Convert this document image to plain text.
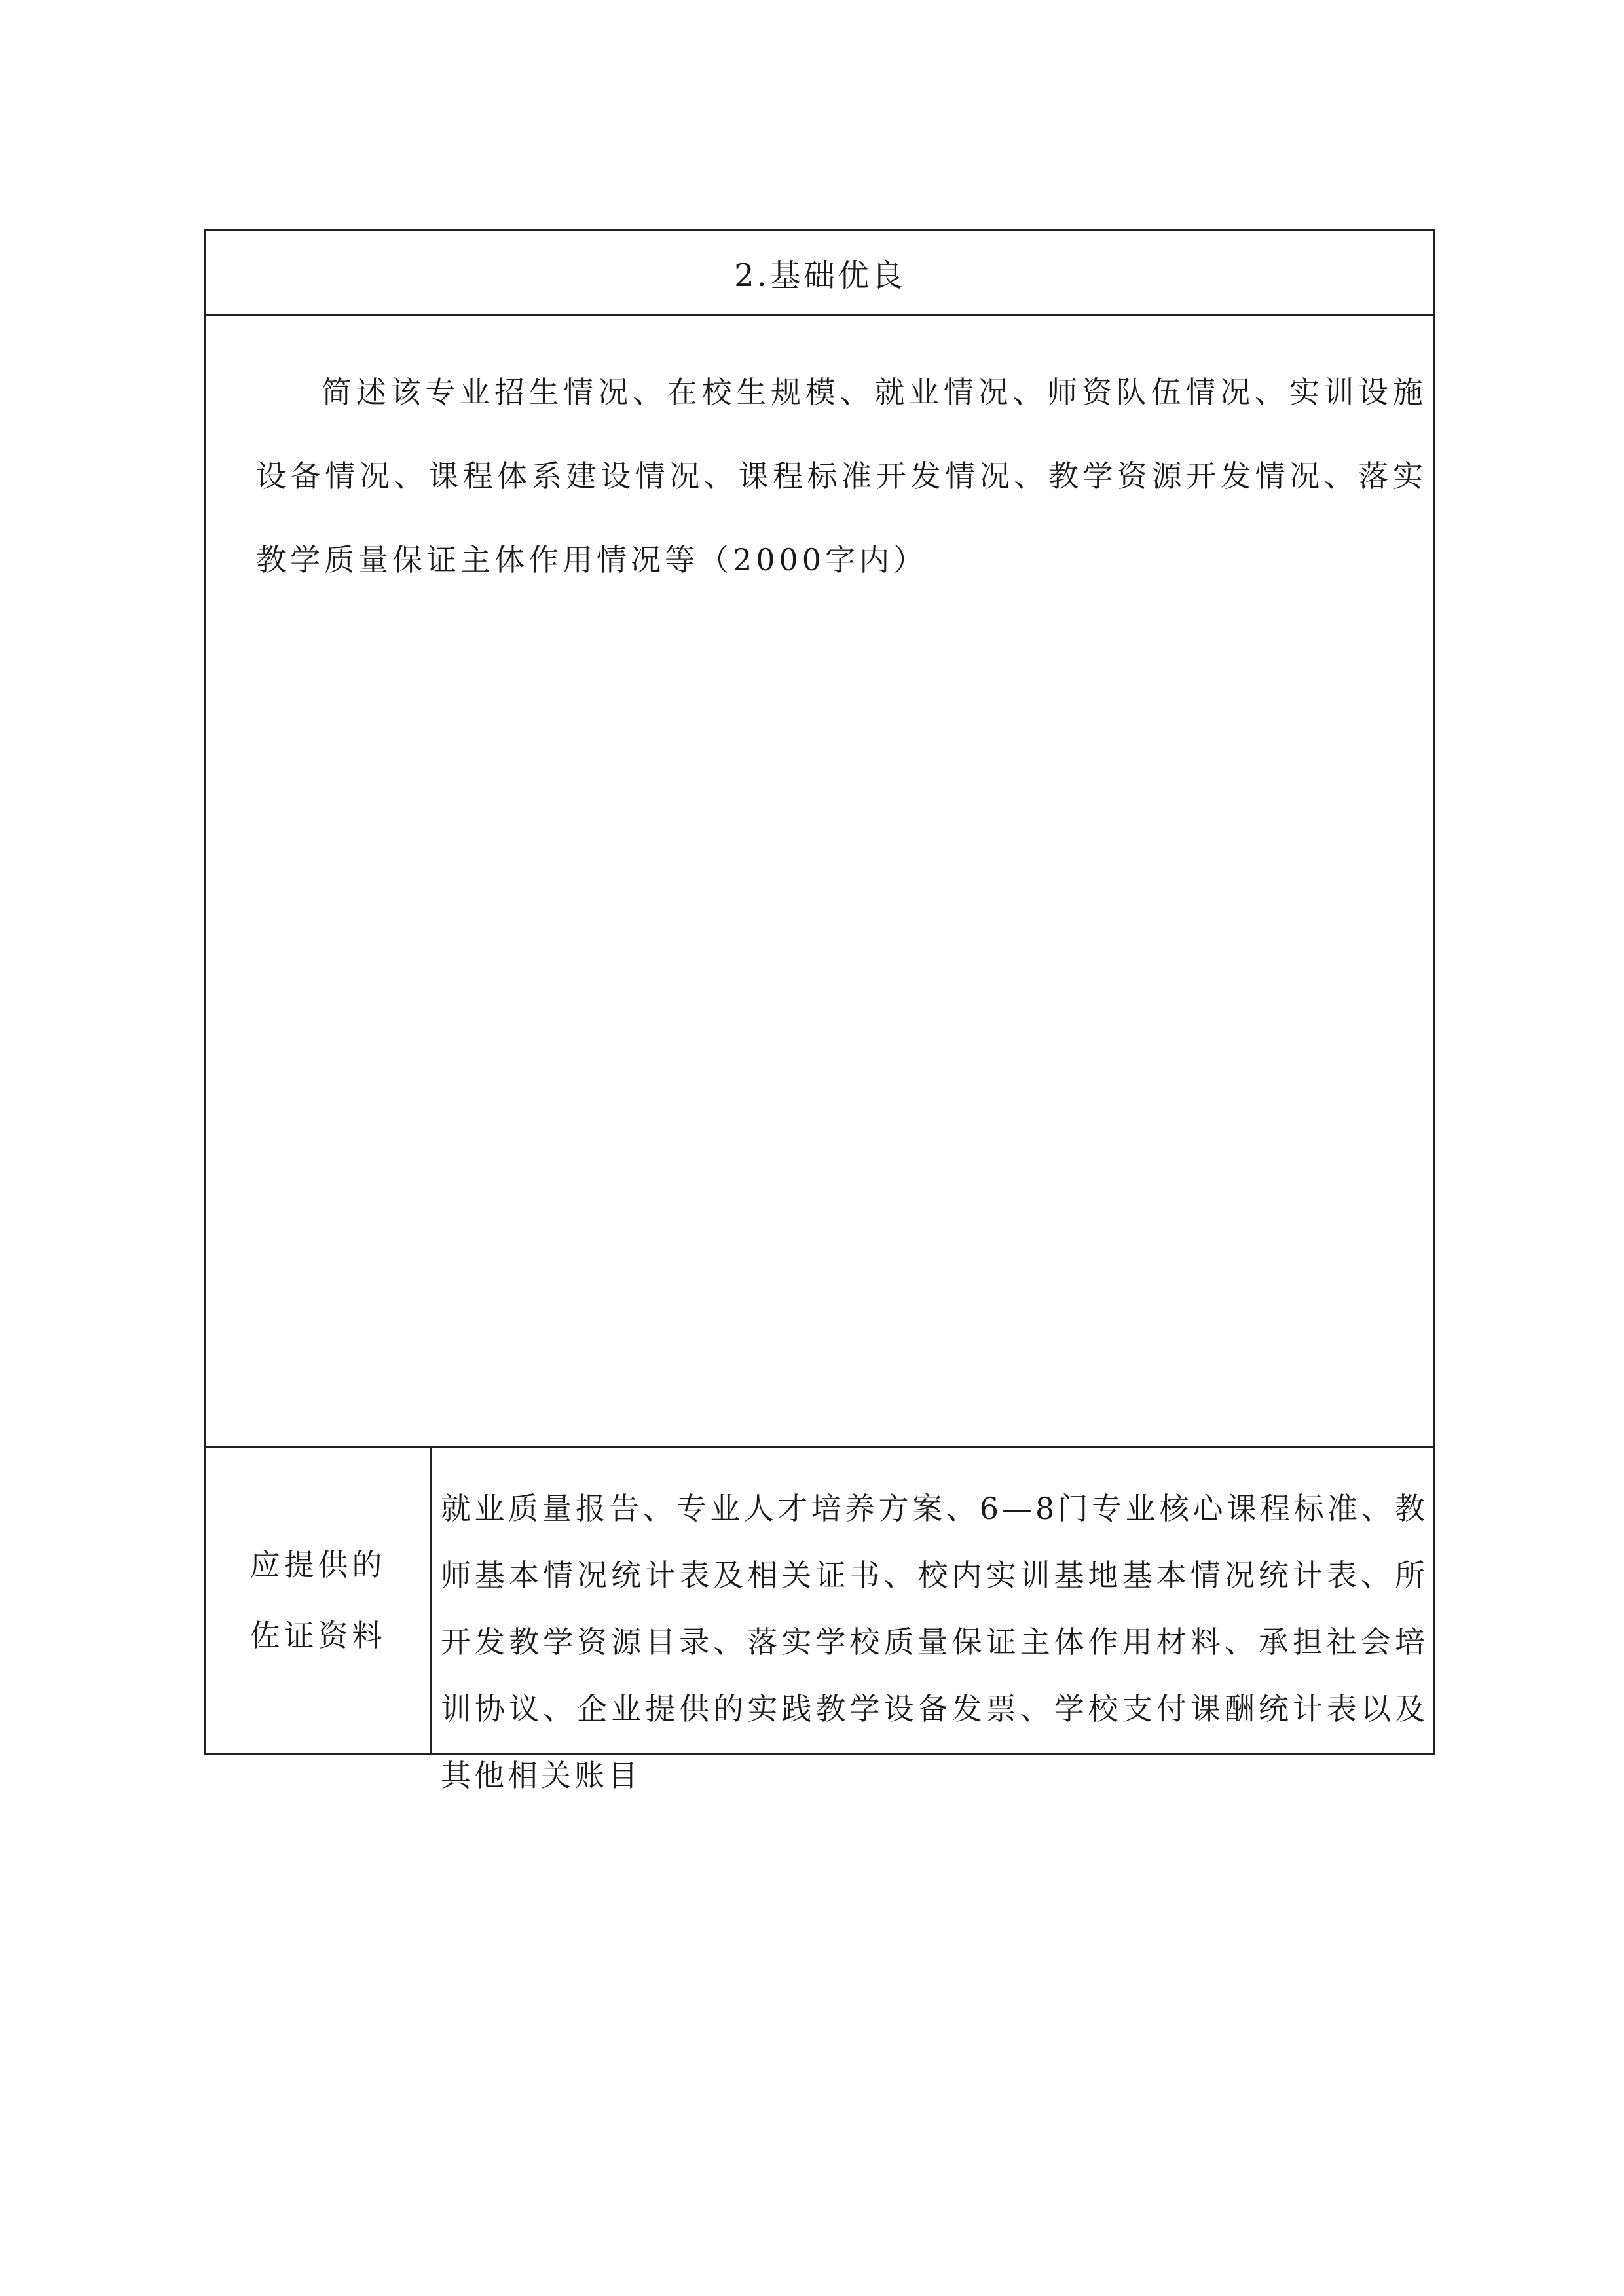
2.基础优良

简述该专业招生情况、在校生规模、就业情况、师资队伍情况、实训设施设备情况、课程体系建设情况、课程标准开发情况、教学资源开发情况、落实教学质量保证主体作用情况等（2000字内）

应提供的
佐证资料

就业质量报告、专业人才培养方案、6—8门专业核心课程标准、教师基本情况统计表及相关证书、校内实训基地基本情况统计表、所开发教学资源目录、落实学校质量保证主体作用材料、承担社会培训协议、企业提供的实践教学设备发票、学校支付课酬统计表以及其他相关账目
